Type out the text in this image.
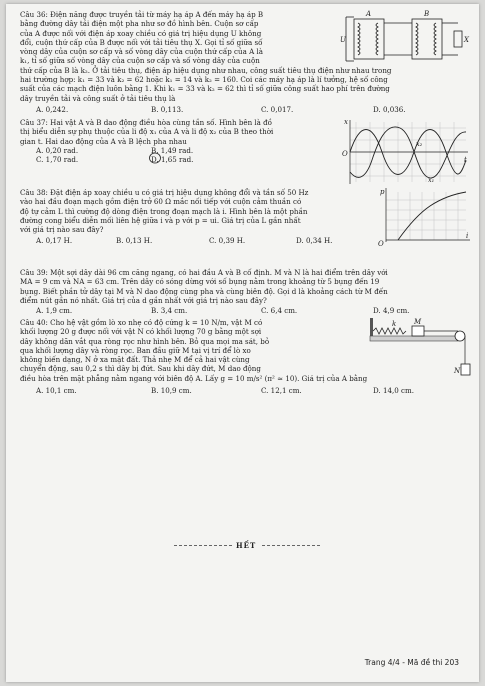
Câu 36: Điện năng được truyền tải từ máy hạ áp A đến máy hạ áp B
bằng đường dây tải điện một pha như sơ đồ hình bên. Cuộn sơ cấp
của A được nối với điện áp xoay chiều có giá trị hiệu dụng U không
đổi, cuộn thứ cấp của B được nối với tải tiêu thụ X. Gọi tỉ số giữa số
vòng dây của cuộn sơ cấp và số vòng dây của cuộn thứ cấp của A là
k₁, tỉ số giữa số vòng dây của cuộn sơ cấp và số vòng dây của cuộn
thứ cấp của B là k₂. Ở tải tiêu thụ, điện áp hiệu dụng như nhau, công suất tiêu thụ điện như nhau trong
hai trường hợp: k₁ = 33 và k₂ = 62 hoặc k₁ = 14 và k₂ = 160. Coi các máy hạ áp là lí tưởng, hệ số công
suất của các mạch điện luôn bằng 1. Khi k₁ = 33 và k₂ = 62 thì tỉ số giữa công suất hao phí trên đường
dây truyền tải và công suất ở tải tiêu thụ là
A. 0,242.	B. 0,113.	C. 0,017.	D. 0,036.
A	B
U	X
Câu 37: Hai vật A và B dao động điều hòa cùng tần số. Hình bên là đồ
thị biểu diễn sự phụ thuộc của li độ x₁ của A và li độ x₂ của B theo thời
gian t. Hai dao động của A và B lệch pha nhau
A. 0,20 rad.	B. 1,49 rad.
C. 1,70 rad.	D. 1,65 rad.
x
O
t
x₂
x₁
Câu 38: Đặt điện áp xoay chiều u có giá trị hiệu dụng không đổi và tần số 50 Hz
vào hai đầu đoạn mạch gồm điện trở 60 Ω mắc nối tiếp với cuộn cảm thuần có
độ tự cảm L thì cường độ dòng điện trong đoạn mạch là i. Hình bên là một phần
đường cong biểu diễn mối liên hệ giữa i và p với p = ui. Giá trị của L gần nhất
với giá trị nào sau đây?
A. 0,17 H.	B. 0,13 H.	C. 0,39 H.	D. 0,34 H.
p
O
i
Câu 39: Một sợi dây dài 96 cm căng ngang, có hai đầu A và B cố định. M và N là hai điểm trên dây với
MA = 9 cm và NA = 63 cm. Trên dây có sóng dừng với số bụng nằm trong khoảng từ 5 bụng đến 19
bụng. Biết phần tử dây tại M và N dao động cùng pha và cùng biên độ. Gọi d là khoảng cách từ M đến
điểm nút gần nó nhất. Giá trị của d gần nhất với giá trị nào sau đây?
A. 1,9 cm.	B. 3,4 cm.	C. 6,4 cm.	D. 4,9 cm.
Câu 40: Cho hệ vật gồm lò xo nhẹ có độ cứng k = 10 N/m, vật M có
khối lượng 20 g được nối với vật N có khối lượng 70 g bằng một sợi
dây không dãn vắt qua ròng rọc như hình bên. Bỏ qua mọi ma sát, bỏ
qua khối lượng dây và ròng rọc. Ban đầu giữ M tại vị trí để lò xo
không biến dạng, N ở xa mặt đất. Thả nhẹ M để cả hai vật cùng
chuyển động, sau 0,2 s thì dây bị đứt. Sau khi dây đứt, M dao động
điều hòa trên mặt phẳng nằm ngang với biên độ A. Lấy g = 10 m/s² (π² ≈ 10). Giá trị của A bằng
A. 10,1 cm.	B. 10,9 cm.	C. 12,1 cm.	D. 14,0 cm.
k	M
N
HẾT
Trang 4/4 - Mã đề thi 203
